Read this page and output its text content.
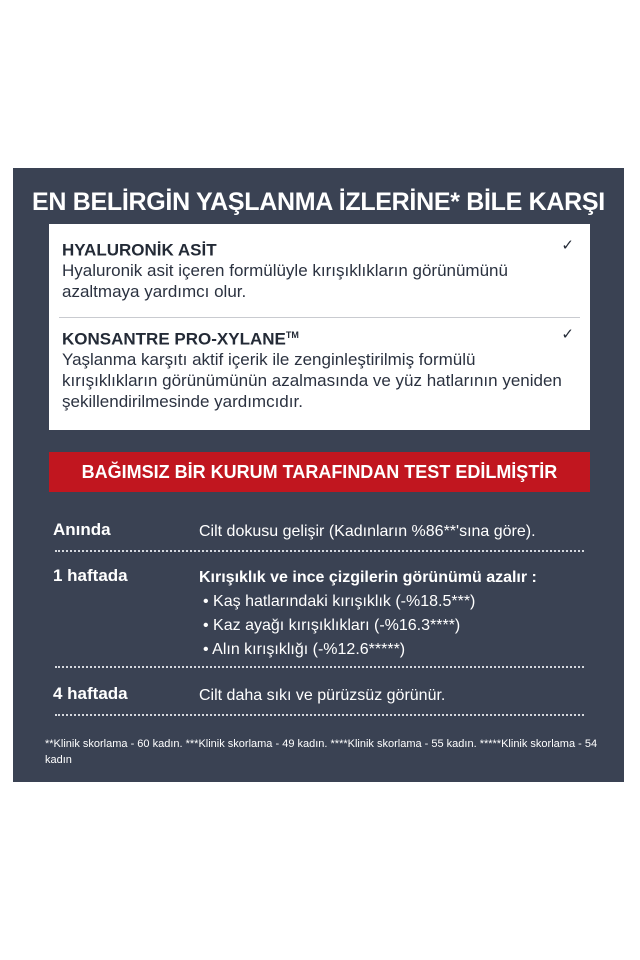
EN BELİRGİN YAŞLANMA İZLERİNE* BİLE KARŞI
HYALURONİK ASİT	✓
Hyaluronik asit içeren formülüyle kırışıklıkların görünümünü azaltmaya yardımcı olur.
KONSANTRE PRO-XYLANE™	✓
Yaşlanma karşıtı aktif içerik ile zenginleştirilmiş formülü kırışıklıkların görünümünün azalmasında ve yüz hatlarının yeniden şekillendirilmesinde yardımcıdır.
BAĞIMSIZ BİR KURUM TARAFINDAN TEST EDİLMİŞTİR
Anında	Cilt dokusu gelişir (Kadınların %86**'sına göre).
1 haftada	Kırışıklık ve ince çizgilerin görünümü azalır :
• Kaş hatlarındaki kırışıklık (-%18.5***)
• Kaz ayağı kırışıklıkları (-%16.3****)
• Alın kırışıklığı (-%12.6*****)
4 haftada	Cilt daha sıkı ve pürüzsüz görünür.
**Klinik skorlama - 60 kadın. ***Klinik skorlama - 49 kadın. ****Klinik skorlama - 55 kadın. *****Klinik skorlama - 54 kadın
